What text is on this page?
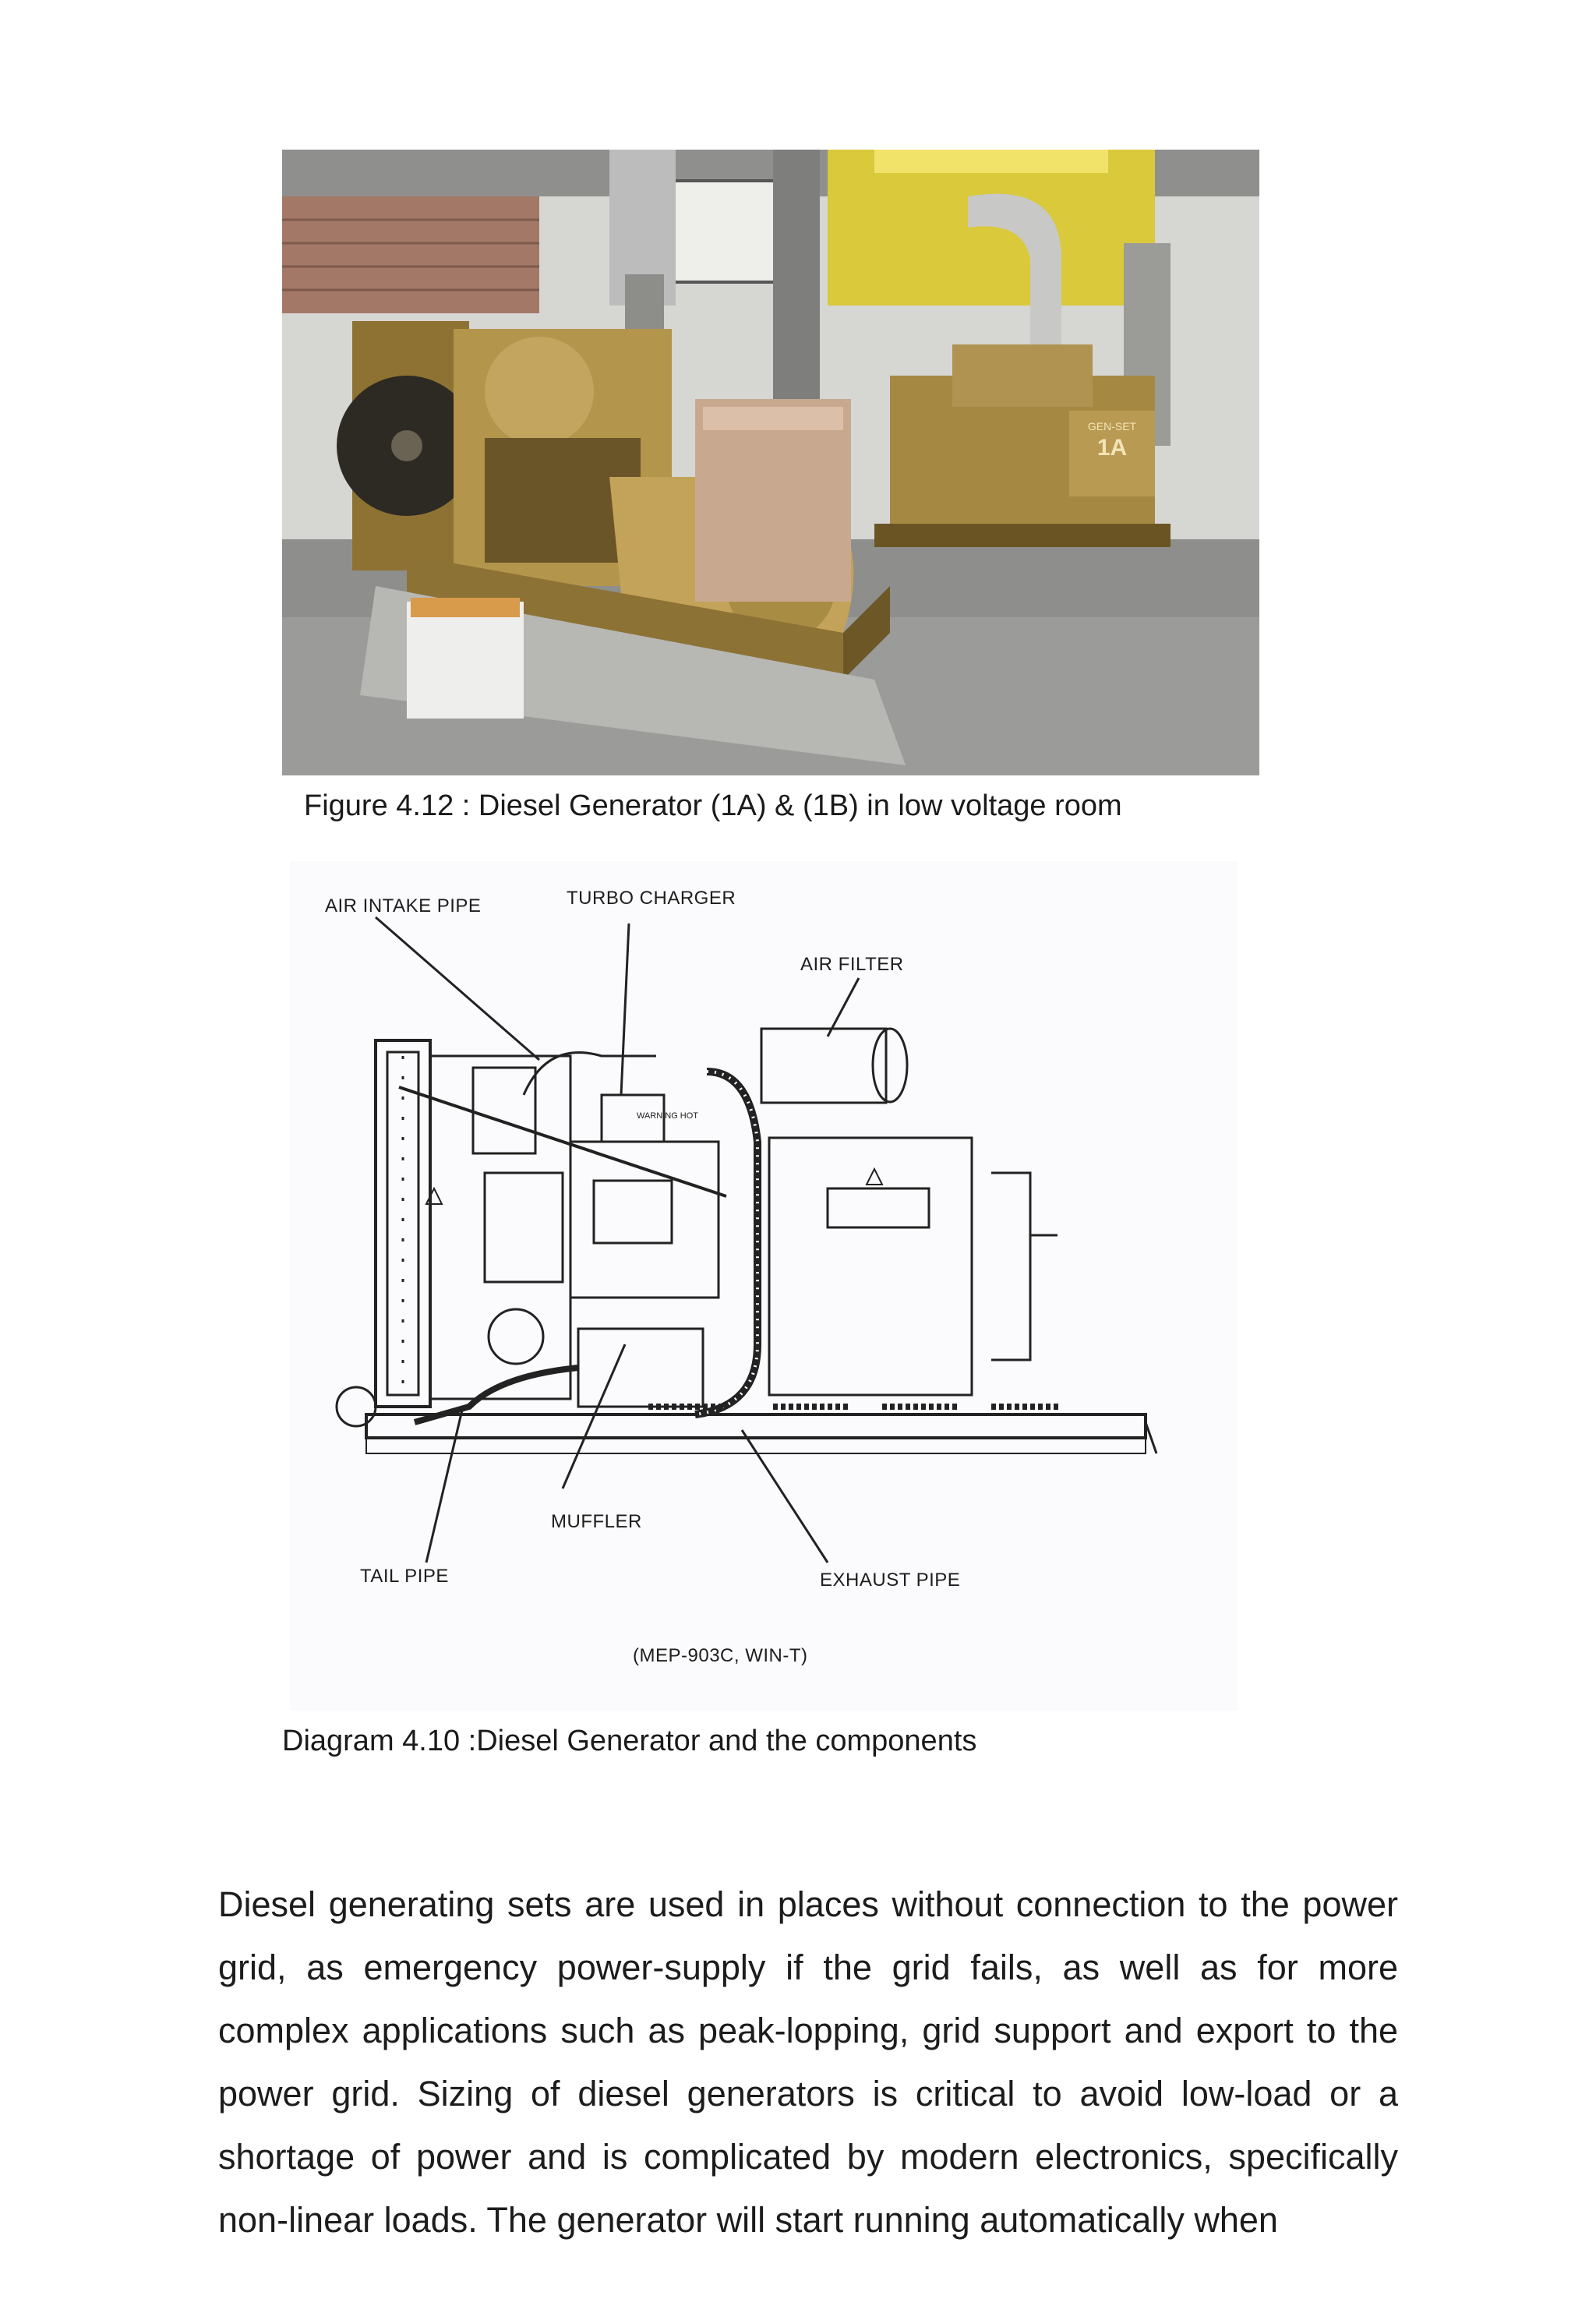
GEN-SET
1A
Figure 4.12 : Diesel Generator (1A) & (1B) in low voltage room
WARNING HOT
AIR INTAKE PIPE	TURBO CHARGER
AIR FILTER
MUFFLER
TAIL PIPE	EXHAUST PIPE
(MEP-903C, WIN-T)
Diagram 4.10 :Diesel Generator and the components

Diesel generating sets are used in places without connection to the power grid, as emergency power-supply if the grid fails, as well as for more complex applications such as peak-lopping, grid support and export to the power grid. Sizing of diesel generators is critical to avoid low-load or a shortage of power and is complicated by modern electronics, specifically non-linear loads. The generator will start running automatically when
